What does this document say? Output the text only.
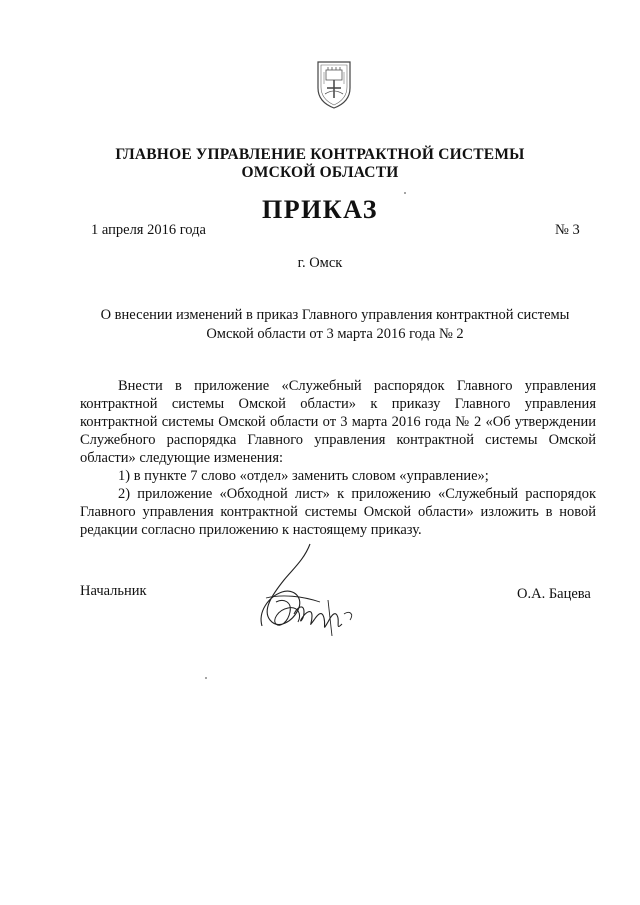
ГЛАВНОЕ УПРАВЛЕНИЕ КОНТРАКТНОЙ СИСТЕМЫ
ОМСКОЙ ОБЛАСТИ
ПРИКАЗ
1 апреля 2016 года	№ 3
г. Омск
О внесении изменений в приказ Главного управления контрактной системы
Омской области от 3 марта 2016 года № 2

Внести в приложение «Служебный распорядок Главного управления контрактной системы Омской области» к приказу Главного управления контрактной системы Омской области от 3 марта 2016 года № 2 «Об утверждении Служебного распорядка Главного управления контрактной системы Омской области» следующие изменения:

1) в пункте 7 слово «отдел» заменить словом «управление»;

2) приложение «Обходной лист» к приложению «Служебный распорядок Главного управления контрактной системы Омской области» изложить в новой редакции согласно приложению к настоящему приказу.

Начальник	О.А. Бацева
